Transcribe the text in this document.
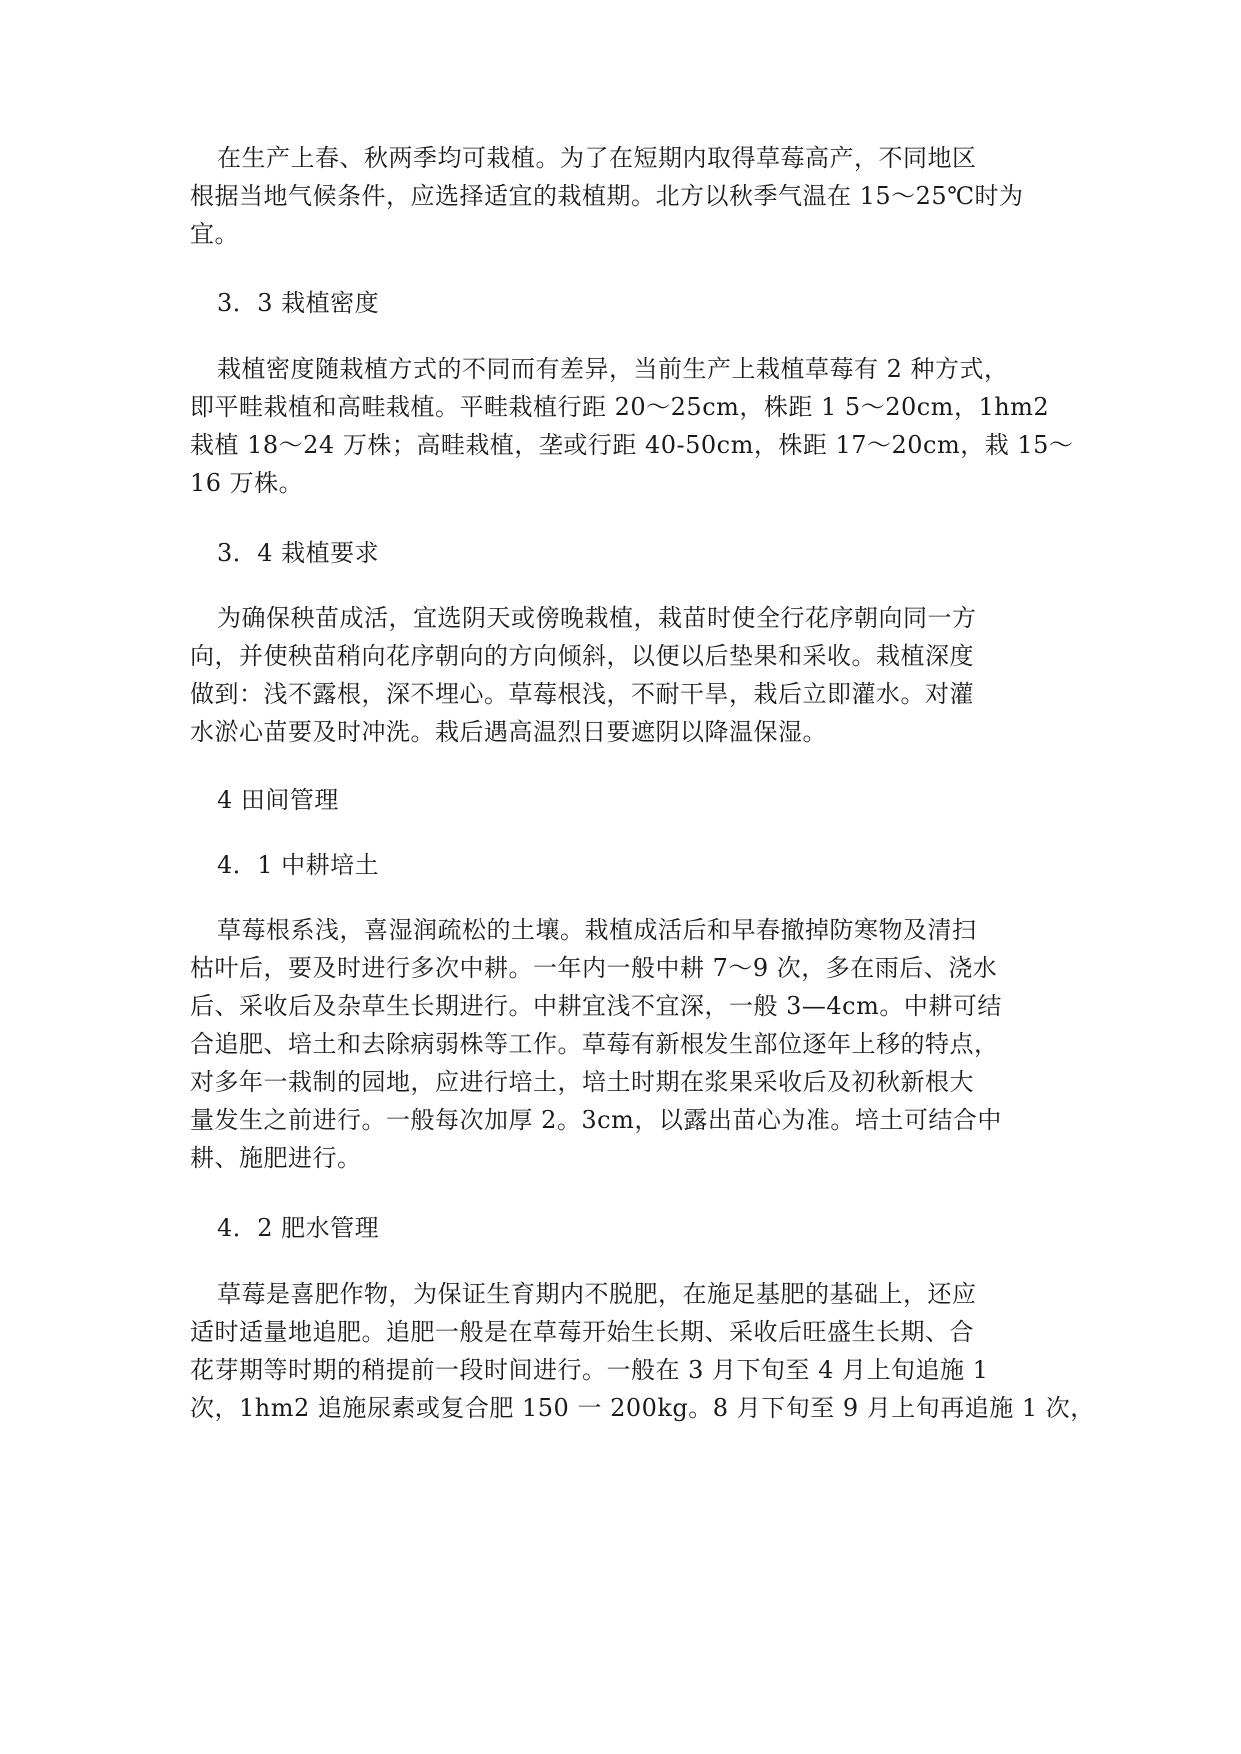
在生产上春、秋两季均可栽植。为了在短期内取得草莓高产，不同地区
根据当地气候条件，应选择适宜的栽植期。北方以秋季气温在 15～25℃时为
宜。
3．3 栽植密度
栽植密度随栽植方式的不同而有差异，当前生产上栽植草莓有 2 种方式，
即平畦栽植和高畦栽植。平畦栽植行距 20～25cm，株距 1 5～20cm，1hm2
栽植 18～24 万株；高畦栽植，垄或行距 40-50cm，株距 17～20cm，栽 15～
16 万株。
3．4 栽植要求
为确保秧苗成活，宜选阴天或傍晚栽植，栽苗时使全行花序朝向同一方
向，并使秧苗稍向花序朝向的方向倾斜，以便以后垫果和采收。栽植深度
做到：浅不露根，深不埋心。草莓根浅，不耐干旱，栽后立即灌水。对灌
水淤心苗要及时冲洗。栽后遇高温烈日要遮阴以降温保湿。
4 田间管理
4．1 中耕培土
草莓根系浅，喜湿润疏松的土壤。栽植成活后和早春撤掉防寒物及清扫
枯叶后，要及时进行多次中耕。一年内一般中耕 7～9 次，多在雨后、浇水
后、采收后及杂草生长期进行。中耕宜浅不宜深，一般 3—4cm。中耕可结
合追肥、培土和去除病弱株等工作。草莓有新根发生部位逐年上移的特点，
对多年一栽制的园地，应进行培土，培土时期在浆果采收后及初秋新根大
量发生之前进行。一般每次加厚 2。3cm，以露出苗心为准。培土可结合中
耕、施肥进行。
4．2 肥水管理
草莓是喜肥作物，为保证生育期内不脱肥，在施足基肥的基础上，还应
适时适量地追肥。追肥一般是在草莓开始生长期、采收后旺盛生长期、合
花芽期等时期的稍提前一段时间进行。一般在 3 月下旬至 4 月上旬追施 1
次，1hm2 追施尿素或复合肥 150 一 200kg。8 月下旬至 9 月上旬再追施 1 次，
